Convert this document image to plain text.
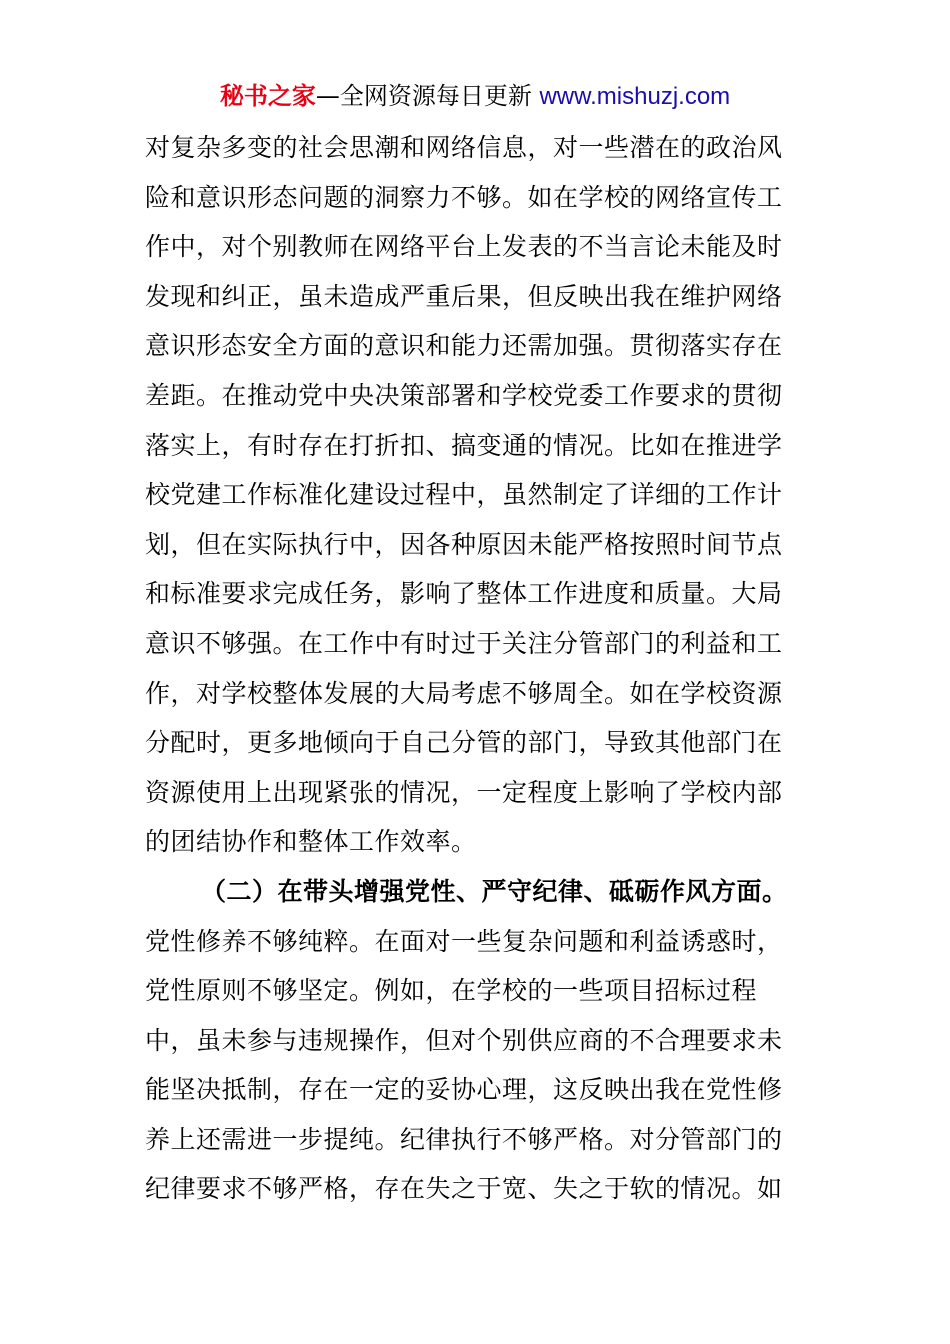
秘书之家—全网资源每日更新 www.mishuzj.com
对复杂多变的社会思潮和网络信息，对一些潜在的政治风
险和意识形态问题的洞察力不够。如在学校的网络宣传工
作中，对个别教师在网络平台上发表的不当言论未能及时
发现和纠正，虽未造成严重后果，但反映出我在维护网络
意识形态安全方面的意识和能力还需加强。贯彻落实存在
差距。在推动党中央决策部署和学校党委工作要求的贯彻
落实上，有时存在打折扣、搞变通的情况。比如在推进学
校党建工作标准化建设过程中，虽然制定了详细的工作计
划，但在实际执行中，因各种原因未能严格按照时间节点
和标准要求完成任务，影响了整体工作进度和质量。大局
意识不够强。在工作中有时过于关注分管部门的利益和工
作，对学校整体发展的大局考虑不够周全。如在学校资源
分配时，更多地倾向于自己分管的部门，导致其他部门在
资源使用上出现紧张的情况，一定程度上影响了学校内部
的团结协作和整体工作效率。
（二）在带头增强党性、严守纪律、砥砺作风方面。
党性修养不够纯粹。在面对一些复杂问题和利益诱惑时，
党性原则不够坚定。例如，在学校的一些项目招标过程
中，虽未参与违规操作，但对个别供应商的不合理要求未
能坚决抵制，存在一定的妥协心理，这反映出我在党性修
养上还需进一步提纯。纪律执行不够严格。对分管部门的
纪律要求不够严格，存在失之于宽、失之于软的情况。如
